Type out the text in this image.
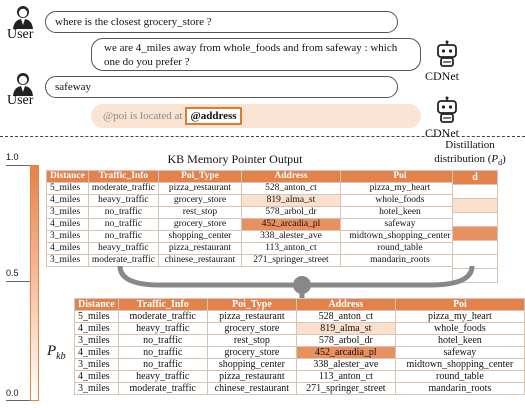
User
where is the closest grocery_store ?
we are 4_miles away from whole_foods and from safeway : which one do you prefer ?
CDNet
User
safeway
@poi is located at @address
CDNet
KB Memory Pointer Output
Distillation
distribution $(P_d)$
1.0
0.5
0.0
$P_{kb}$
Distance	Traffic_Info	Poi_Type	Address	Poi
5_miles	moderate_traffic	pizza_restaurant	528_anton_ct	pizza_my_heart
4_miles	heavy_traffic	grocery_store	819_alma_st	whole_foods
3_miles	no_traffic	rest_stop	578_arbol_dr	hotel_keen
4_miles	no_traffic	grocery_store	452_arcadia_pl	safeway
3_miles	no_traffic	shopping_center	338_alester_ave	midtown_shopping_center
4_miles	heavy_traffic	pizza_restaurant	113_anton_ct	round_table
3_miles	moderate_traffic	chinese_restaurant	271_springer_street	mandarin_roots
d

Distance	Traffic_Info	Poi_Type	Address	Poi
5_miles	moderate_traffic	pizza_restaurant	528_anton_ct	pizza_my_heart
4_miles	heavy_traffic	grocery_store	819_alma_st	whole_foods
3_miles	no_traffic	rest_stop	578_arbol_dr	hotel_keen
4_miles	no_traffic	grocery_store	452_arcadia_pl	safeway
3_miles	no_traffic	shopping_center	338_alester_ave	midtown_shopping_center
4_miles	heavy_traffic	pizza_restaurant	113_anton_ct	round_table
3_miles	moderate_traffic	chinese_restaurant	271_springer_street	mandarin_roots
